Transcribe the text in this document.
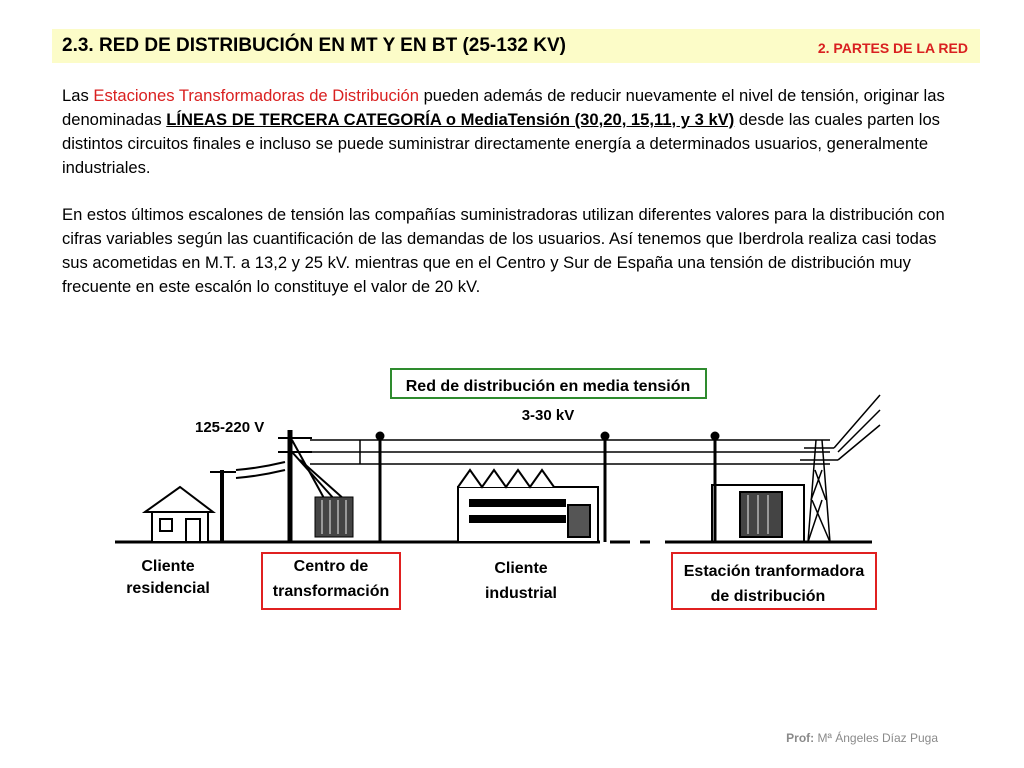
2.3. RED DE DISTRIBUCIÓN EN MT Y EN BT (25-132 KV)	2. PARTES DE LA RED

Las Estaciones Transformadoras de Distribución pueden además de reducir nuevamente el nivel de tensión, originar las denominadas LÍNEAS DE TERCERA CATEGORÍA o MediaTensión (30,20, 15,11, y 3 kV) desde las cuales parten los distintos circuitos finales e incluso se puede suministrar directamente energía a determinados usuarios, generalmente industriales.

En estos últimos escalones de tensión las compañías suministradoras utilizan diferentes valores para la distribución con cifras variables según las cuantificación de las demandas de los usuarios. Así tenemos que Iberdrola realiza casi todas sus acometidas en M.T. a 13,2 y 25 kV. mientras que en el Centro y Sur de España una tensión de distribución muy frecuente en este escalón lo constituye el valor de 20 kV.

Red de distribución en media tensión
3-30 kV
125-220 V
Cliente
residencial
Centro de
transformación
Cliente
industrial
Estación tranformadora
de distribución
Prof: Mª Ángeles Díaz Puga
